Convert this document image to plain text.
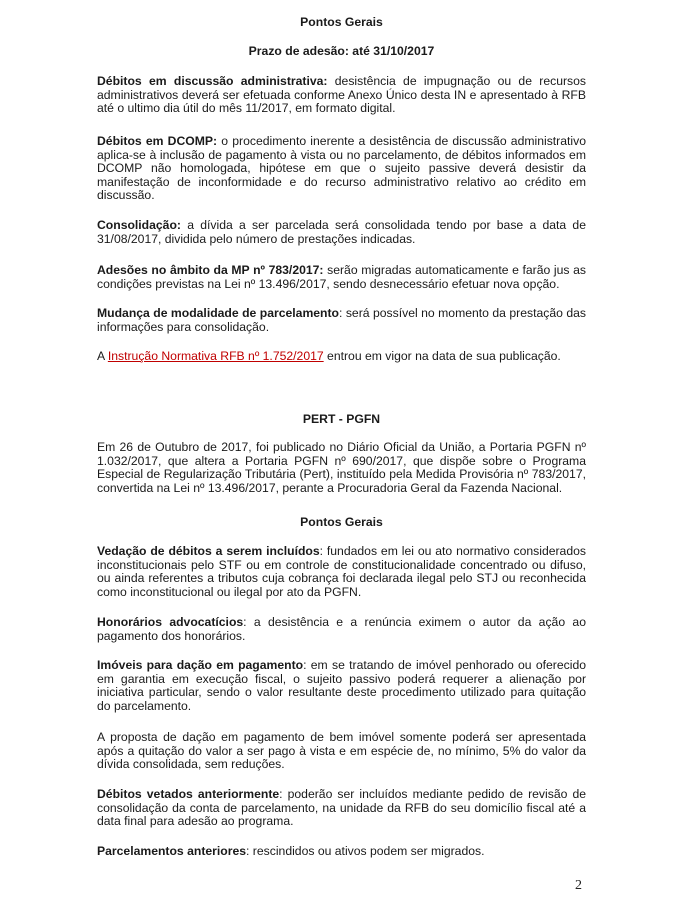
Pontos Gerais
Prazo de adesão: até 31/10/2017

Débitos em discussão administrativa: desistência de impugnação ou de recursos administrativos deverá ser efetuada conforme Anexo Único desta IN e apresentado à RFB até o ultimo dia útil do mês 11/2017, em formato digital.

Débitos em DCOMP: o procedimento inerente a desistência de discussão administrativo aplica-se à inclusão de pagamento à vista ou no parcelamento, de débitos informados em DCOMP não homologada, hipótese em que o sujeito passive deverá desistir da manifestação de inconformidade e do recurso administrativo relativo ao crédito em discussão.

Consolidação: a dívida a ser parcelada será consolidada tendo por base a data de 31/08/2017, dividida pelo número de prestações indicadas.

Adesões no âmbito da MP nº 783/2017: serão migradas automaticamente e farão jus as condições previstas na Lei nº 13.496/2017, sendo desnecessário efetuar nova opção.

Mudança de modalidade de parcelamento: será possível no momento da prestação das informações para consolidação.

A Instrução Normativa RFB nº 1.752/2017 entrou em vigor na data de sua publicação.

PERT - PGFN

Em 26 de Outubro de 2017, foi publicado no Diário Oficial da União, a Portaria PGFN nº 1.032/2017, que altera a Portaria PGFN nº 690/2017, que dispõe sobre o Programa Especial de Regularização Tributária (Pert), instituído pela Medida Provisória nº 783/2017, convertida na Lei nº 13.496/2017, perante a Procuradoria Geral da Fazenda Nacional.

Pontos Gerais

Vedação de débitos a serem incluídos: fundados em lei ou ato normativo considerados inconstitucionais pelo STF ou em controle de constitucionalidade concentrado ou difuso, ou ainda referentes a tributos cuja cobrança foi declarada ilegal pelo STJ ou reconhecida como inconstitucional ou ilegal por ato da PGFN.

Honorários advocatícios: a desistência e a renúncia eximem o autor da ação ao pagamento dos honorários.

Imóveis para dação em pagamento: em se tratando de imóvel penhorado ou oferecido em garantia em execução fiscal, o sujeito passivo poderá requerer a alienação por iniciativa particular, sendo o valor resultante deste procedimento utilizado para quitação do parcelamento.

A proposta de dação em pagamento de bem imóvel somente poderá ser apresentada após a quitação do valor a ser pago à vista e em espécie de, no mínimo, 5% do valor da dívida consolidada, sem reduções.

Débitos vetados anteriormente: poderão ser incluídos mediante pedido de revisão de consolidação da conta de parcelamento, na unidade da RFB do seu domicílio fiscal até a data final para adesão ao programa.

Parcelamentos anteriores: rescindidos ou ativos podem ser migrados.

2
